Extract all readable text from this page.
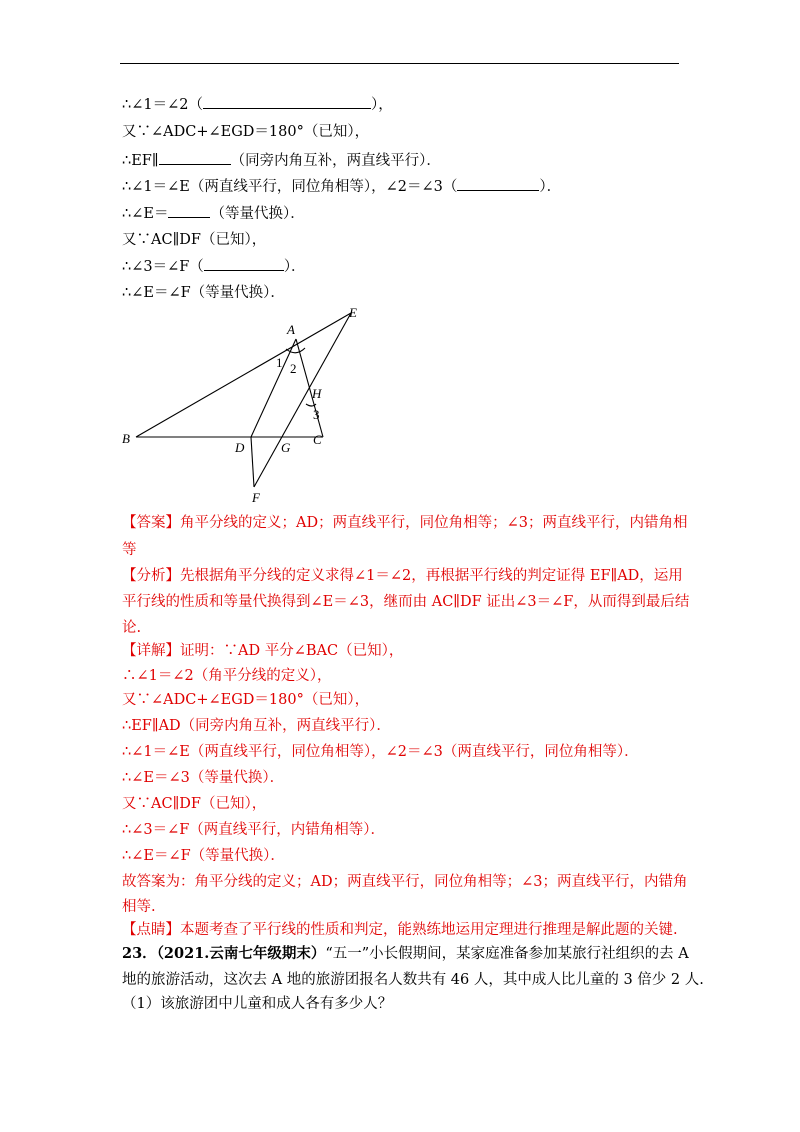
∴∠1＝∠2（	），
又∵∠ADC+∠EGD＝180°（已知），
∴EF∥	（同旁内角互补，两直线平行）．
∴∠1＝∠E（两直线平行，同位角相等），∠2＝∠3（	）．
∴∠E＝	（等量代换）．
又∵AC∥DF（已知），
∴∠3＝∠F（	）．
∴∠E＝∠F（等量代换）．
A
E
B
D	G
C
F
H
1 2
3
【答案】角平分线的定义；AD；两直线平行，同位角相等；∠3；两直线平行，内错角相
等
【分析】先根据角平分线的定义求得∠1＝∠2，再根据平行线的判定证得 EF∥AD，运用
平行线的性质和等量代换得到∠E＝∠3，继而由 AC∥DF 证出∠3＝∠F，从而得到最后结
论.
【详解】证明：∵AD 平分∠BAC（已知），
∴∠1＝∠2（角平分线的定义），
又∵∠ADC+∠EGD＝180°（已知），
∴EF∥AD（同旁内角互补，两直线平行）．
∴∠1＝∠E（两直线平行，同位角相等），∠2＝∠3（两直线平行，同位角相等）．
∴∠E＝∠3（等量代换）．
又∵AC∥DF（已知），
∴∠3＝∠F（两直线平行，内错角相等）．
∴∠E＝∠F（等量代换）．
故答案为：角平分线的定义；AD；两直线平行，同位角相等；∠3；两直线平行，内错角
相等.
【点睛】本题考查了平行线的性质和判定，能熟练地运用定理进行推理是解此题的关键.
23．（2021.云南七年级期末）“五一”小长假期间，某家庭准备参加某旅行社组织的去 A
地的旅游活动，这次去 A 地的旅游团报名人数共有 46 人，其中成人比儿童的 3 倍少 2 人.
（1）该旅游团中儿童和成人各有多少人？
